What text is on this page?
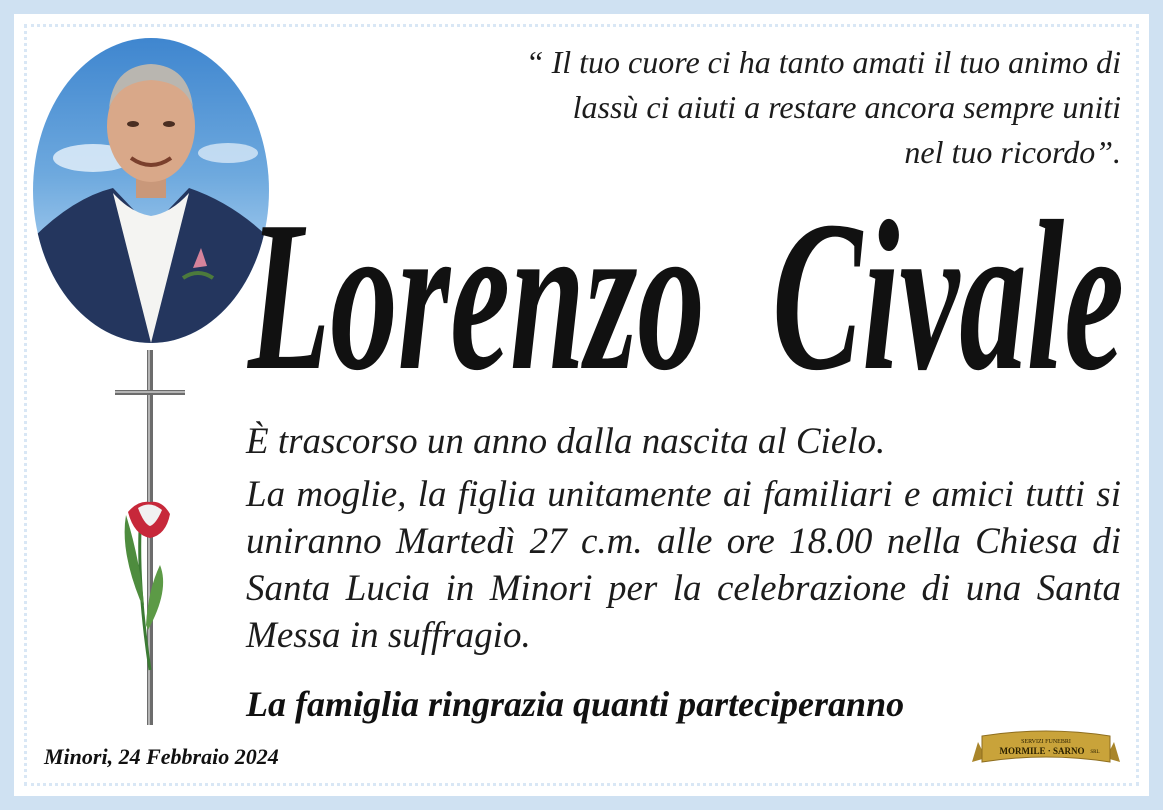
“ Il tuo cuore ci ha tanto amati il tuo animo di
lassù ci aiuti a restare ancora sempre uniti
nel tuo ricordo”.
Lorenzo  Civale
È trascorso un anno dalla nascita al Cielo.
La moglie, la figlia unitamente ai familiari e amici tutti si uniranno Martedì 27 c.m. alle ore 18.00 nella Chiesa di Santa Lucia in Minori per la celebrazione di una Santa Messa in suffragio.
La famiglia ringrazia quanti parteciperanno
Minori, 24 Febbraio 2024
SERVIZI FUNEBRI
MORMILE · SARNO SRL
